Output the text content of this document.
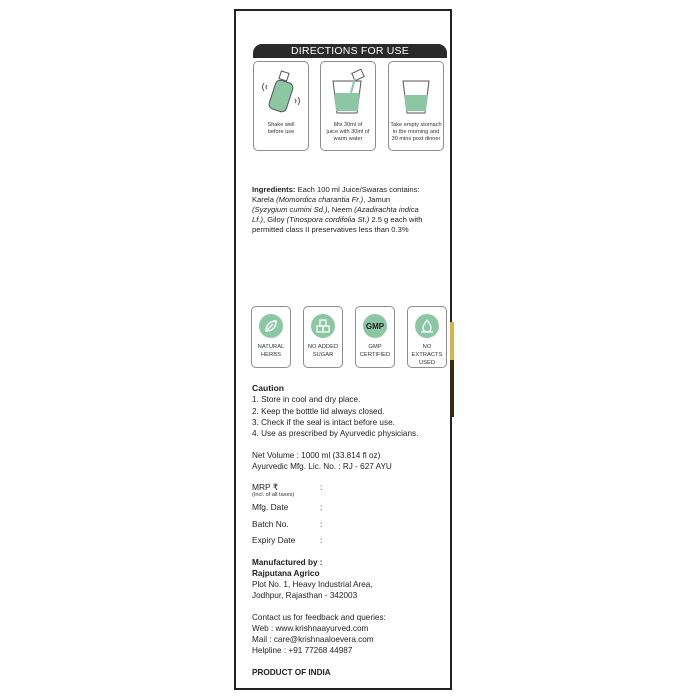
DIRECTIONS FOR USE
Shake well
before use
Mix 30ml of
juice with 30ml of
warm water
Take empty stomach
in the morning and
30 mins post dinner
Ingredients: Each 100 ml Juice/Swaras contains:
Karela (Momordica charantia Fr.), Jamun
(Syzygium cumini Sd.), Neem (Azadirachta indica
Lf.), Giloy (Tinospora cordifolia St.) 2.5 g each with
permitted class II preservatives less than 0.3%
NATURAL
HERBS
NO ADDED
SUGAR
GMP
GMP
CERTIFIED
NO
EXTRACTS
USED
Caution
1. Store in cool and dry place.
2. Keep the botttle lid always closed.
3. Check if the seal is intact before use.
4. Use as prescribed by Ayurvedic physicians.
Net Volume : 1000 ml (33.814 fl oz)
Ayurvedic Mfg. Lic. No. : RJ - 627 AYU
MRP ₹	:
(Incl. of all taxes)
Mfg. Date	:
Batch No.	:
Expiry Date	:
Manufactured by :
Rajputana Agrico
Plot No. 1, Heavy Industrial Area,
Jodhpur, Rajasthan - 342003
Contact us for feedback and queries:
Web : www.krishnaayurved.com
Mail : care@krishnaaloevera.com
Helpline : +91 77268 44987
PRODUCT OF INDIA
